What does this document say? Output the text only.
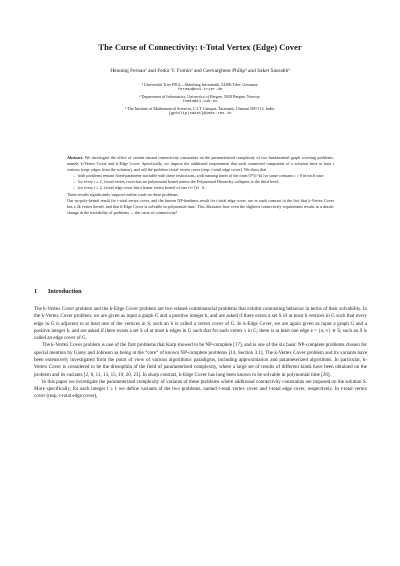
The Curse of Connectivity: t-Total Vertex (Edge) Cover
Henning Fernau¹ and Fedor V. Fomin² and Geevarghese Philip³ and Saket Saurabh³
¹ Universität Trier FB 4—Abteilung Informatik, 54286 Trier, Germany.
fernau@uni-trier.de
² Department of Informatics, University of Bergen, 5020 Bergen, Norway.
fomin@ii.uib.no
³ The Institute of Mathematical Sciences, C.I.T Campus, Taramani, Chennai 600 113, India.
{gphilip|saket}@imsc.res.in

Abstract. We investigate the effect of certain natural connectivity constraints on the parameterized complexity of two fundamental graph covering problems, namely k-Vertex Cover and k-Edge Cover. Specifically, we impose the additional requirement that each connected component of a solution have at least t vertices (resp. edges from the solution), and call the problem t-total vertex cover (resp. t-total edge cover). We show that

– both problems remain fixed-parameter tractable with these restrictions, with running times of the form O*(c^k) for some constant c > 0 in each case;
– for every t ≥ 2, t-total vertex cover has no polynomial kernel unless the Polynomial Hierarchy collapses to the third level;
– for every t ≥ 2, t-total edge cover has a linear vertex kernel of size (t+1)/t · k.

These results significantly improve earlier work on these problems.

Our no-poly-kernel result for t-total vertex cover, and the known NP-hardness result for t-total edge cover, are in stark contrast to the fact that k-Vertex Cover has a 2k vertex kernel, and that k-Edge Cover is solvable in polynomial time. This illustrates how even the slightest connectivity requirement results in a drastic change in the tractability of problems — the curse of connectivity!

1 Introduction

The k-Vertex Cover problem and the k-Edge Cover problem are two related combinatorial problems that exhibit contrasting behavior in terms of their solvability. In the k-Vertex Cover problem, we are given as input a graph G and a positive integer k, and are asked if there exists a set S of at most k vertices in G such that every edge in G is adjacent to at least one of the vertices in S; such an S is called a vertex cover of G. In k-Edge Cover, we are again given as input a graph G and a positive integer k, and are asked if there exists a set S of at most k edges in G such that for each vertex v in G, there is at least one edge e = {u, v} ∈ S; such an S is called an edge cover of G.

The k-Vertex Cover problem is one of the first problems that Karp showed to be NP-complete [17], and is one of the six basic NP-complete problems chosen for special mention by Garey and Johnson as being at the “core” of known NP-complete problems [14, Section 3.1]. The k-Vertex Cover problem and its variants have been extensively investigated from the point of view of various algorithmic paradigms, including approximation and parameterized algorithms. In particular, k-Vertex Cover is considered to be the drosophila of the field of parameterized complexity, where a large set of results of different kinds have been obtained on the problem and its variants [2, 8, 11, 13, 15, 19, 20, 23]. In sharp contrast, k-Edge Cover has long been known to be solvable in polynomial time [26].

In this paper we investigate the parameterized complexity of variants of these problems where additional connectivity constraints are imposed on the solution S. More specifically, for each integer t ≥ 1 we define variants of the two problems, named t-total vertex cover and t-total edge cover, respectively. In t-total vertex cover (resp. t-total edge cover),
